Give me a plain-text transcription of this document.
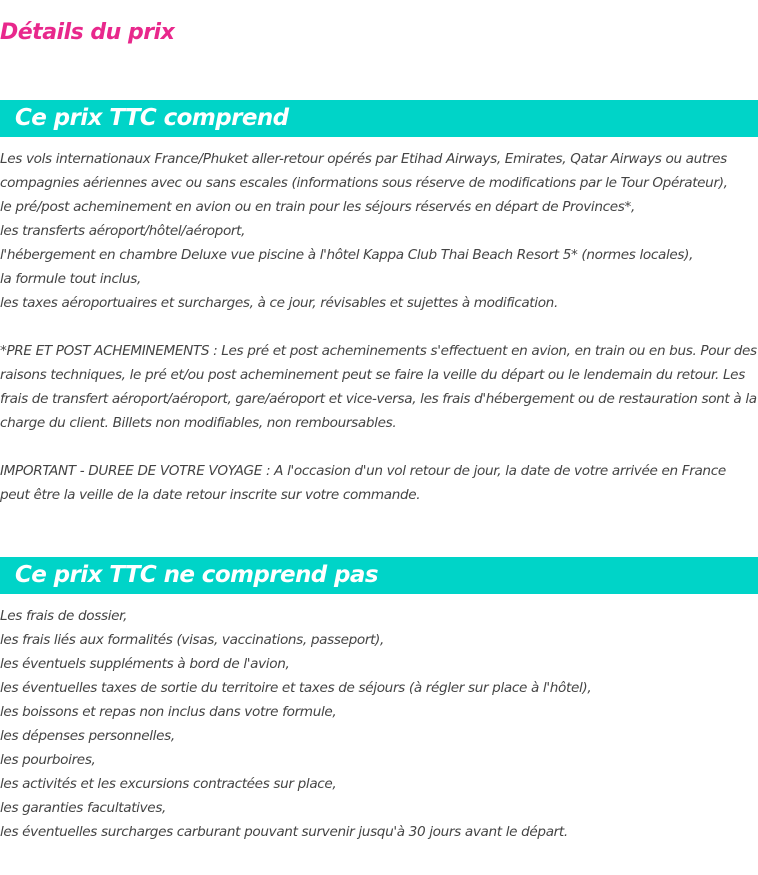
Détails du prix
Ce prix TTC comprend
Les vols internationaux France/Phuket aller-retour opérés par Etihad Airways, Emirates, Qatar Airways ou autres
compagnies aériennes avec ou sans escales (informations sous réserve de modifications par le Tour Opérateur),
le pré/post acheminement en avion ou en train pour les séjours réservés en départ de Provinces*,
les transferts aéroport/hôtel/aéroport,
l'hébergement en chambre Deluxe vue piscine à l'hôtel Kappa Club Thai Beach Resort 5* (normes locales),
la formule tout inclus,
les taxes aéroportuaires et surcharges, à ce jour, révisables et sujettes à modification.
*PRE ET POST ACHEMINEMENTS : Les pré et post acheminements s'effectuent en avion, en train ou en bus. Pour des raisons techniques, le pré et/ou post acheminement peut se faire la veille du départ ou le lendemain du retour. Les frais de transfert aéroport/aéroport, gare/aéroport et vice-versa, les frais d'hébergement ou de restauration sont à la charge du client. Billets non modifiables, non remboursables.
IMPORTANT - DUREE DE VOTRE VOYAGE : A l'occasion d'un vol retour de jour, la date de votre arrivée en France peut être la veille de la date retour inscrite sur votre commande.
Ce prix TTC ne comprend pas
Les frais de dossier,
les frais liés aux formalités (visas, vaccinations, passeport),
les éventuels suppléments à bord de l'avion,
les éventuelles taxes de sortie du territoire et taxes de séjours (à régler sur place à l'hôtel),
les boissons et repas non inclus dans votre formule,
les dépenses personnelles,
les pourboires,
les activités et les excursions contractées sur place,
les garanties facultatives,
les éventuelles surcharges carburant pouvant survenir jusqu'à 30 jours avant le départ.
